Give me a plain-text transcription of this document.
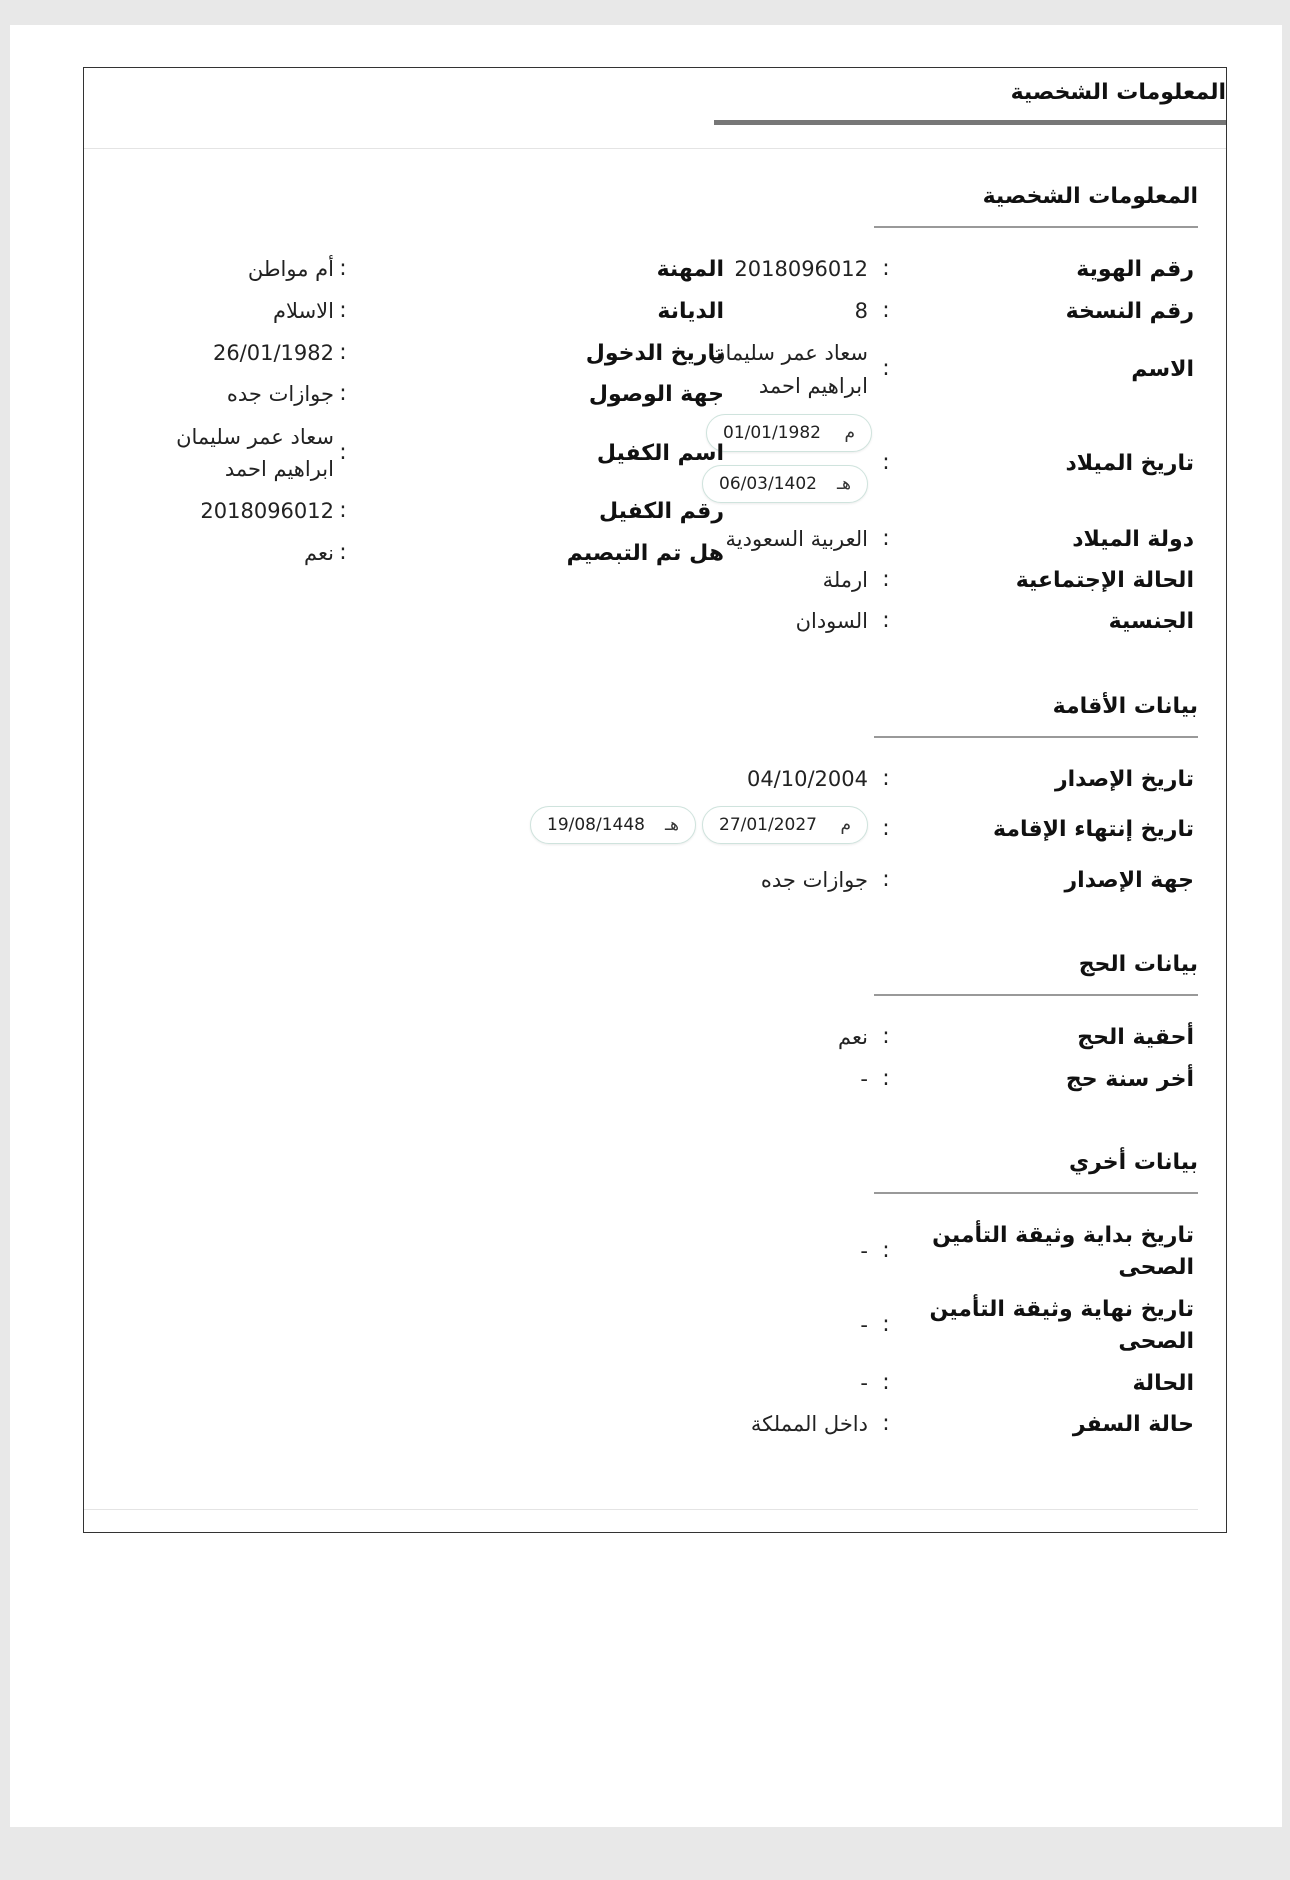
المعلومات الشخصية
المعلومات الشخصية
رقم الهوية
:
2018096012
رقم النسخة
:
8
الاسم
:
سعاد عمر سليمان
ابراهيم احمد
تاريخ الميلاد
:
م
01/01/1982
هـ
06/03/1402
دولة الميلاد
:
العربية السعودية
الحالة الإجتماعية
:
ارملة
الجنسية
:
السودان
المهنة
:
أم مواطن
الديانة
:
الاسلام
تاريخ الدخول
:
26/01/1982
جهة الوصول
:
جوازات جده
اسم الكفيل
:
سعاد عمر سليمان
ابراهيم احمد
رقم الكفيل
:
2018096012
هل تم التبصيم
:
نعم
بيانات الأقامة
تاريخ الإصدار
:
04/10/2004
تاريخ إنتهاء الإقامة
:
م
27/01/2027
هـ
19/08/1448
جهة الإصدار
:
جوازات جده
بيانات الحج
أحقية الحج
:
نعم
أخر سنة حج
:
-
بيانات أخري
تاريخ بداية وثيقة التأمين
الصحى
:
-
تاريخ نهاية وثيقة التأمين
الصحى
:
-
الحالة
:
-
حالة السفر
:
داخل المملكة
